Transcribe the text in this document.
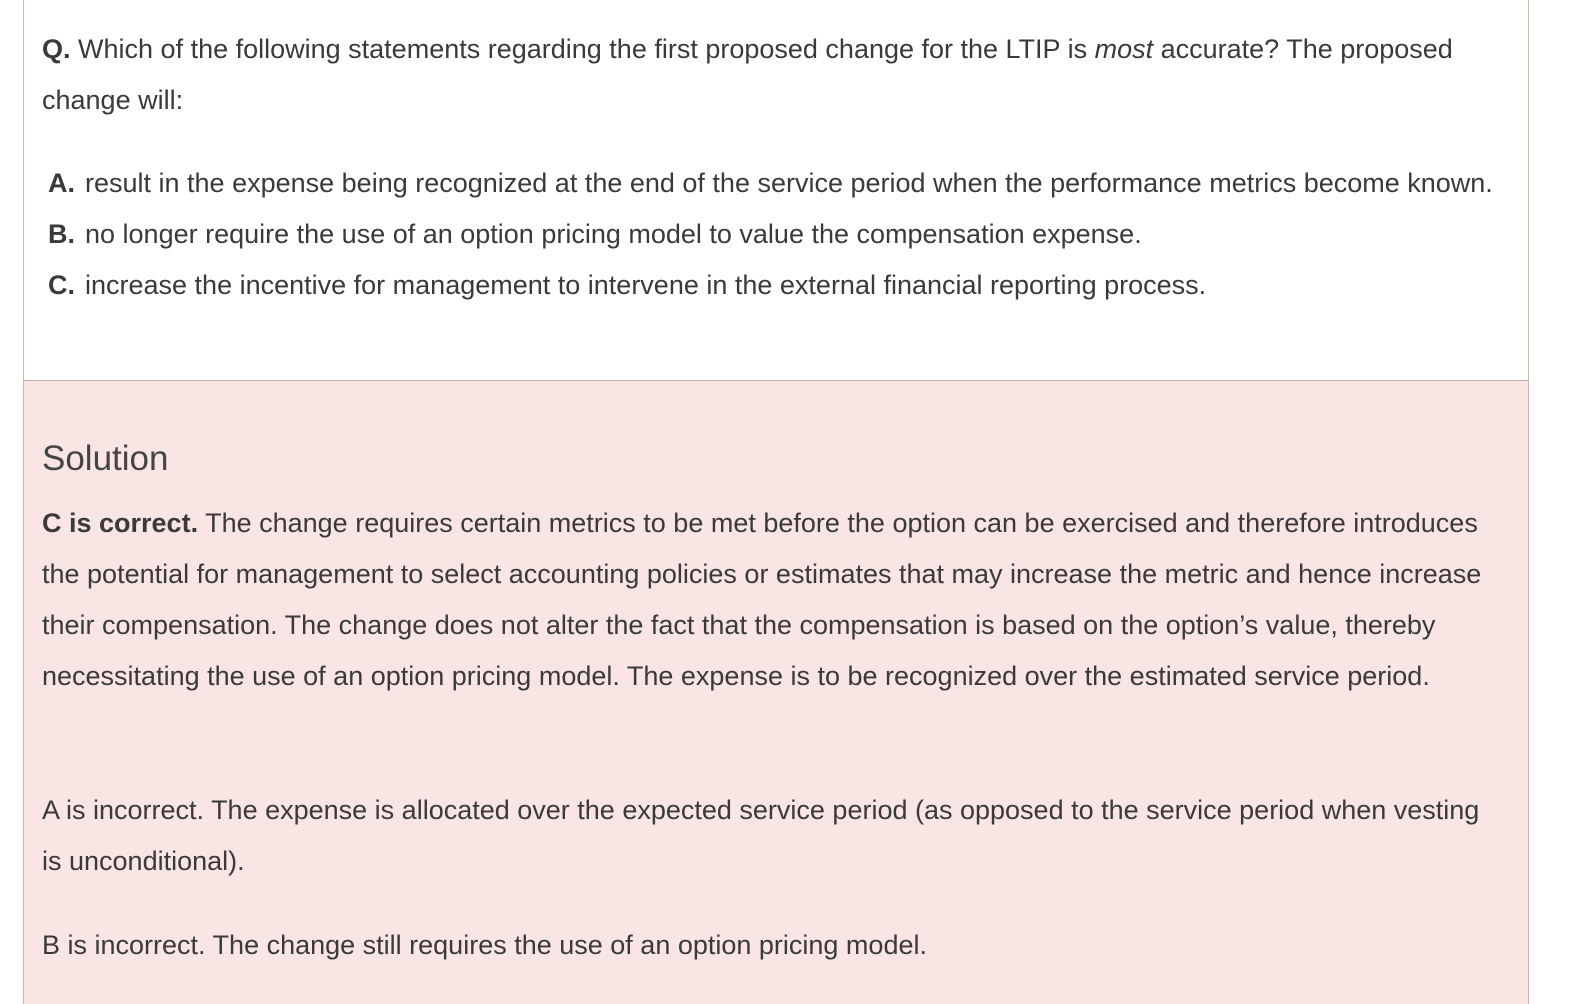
Q. Which of the following statements regarding the first proposed change for the LTIP is most accurate? The proposed change will:

A. result in the expense being recognized at the end of the service period when the performance metrics become known.
B. no longer require the use of an option pricing model to value the compensation expense.
C. increase the incentive for management to intervene in the external financial reporting process.
Solution

C is correct. The change requires certain metrics to be met before the option can be exercised and therefore introduces the potential for management to select accounting policies or estimates that may increase the metric and hence increase their compensation. The change does not alter the fact that the compensation is based on the option’s value, thereby necessitating the use of an option pricing model. The expense is to be recognized over the estimated service period.

A is incorrect. The expense is allocated over the expected service period (as opposed to the service period when vesting is unconditional).

B is incorrect. The change still requires the use of an option pricing model.
